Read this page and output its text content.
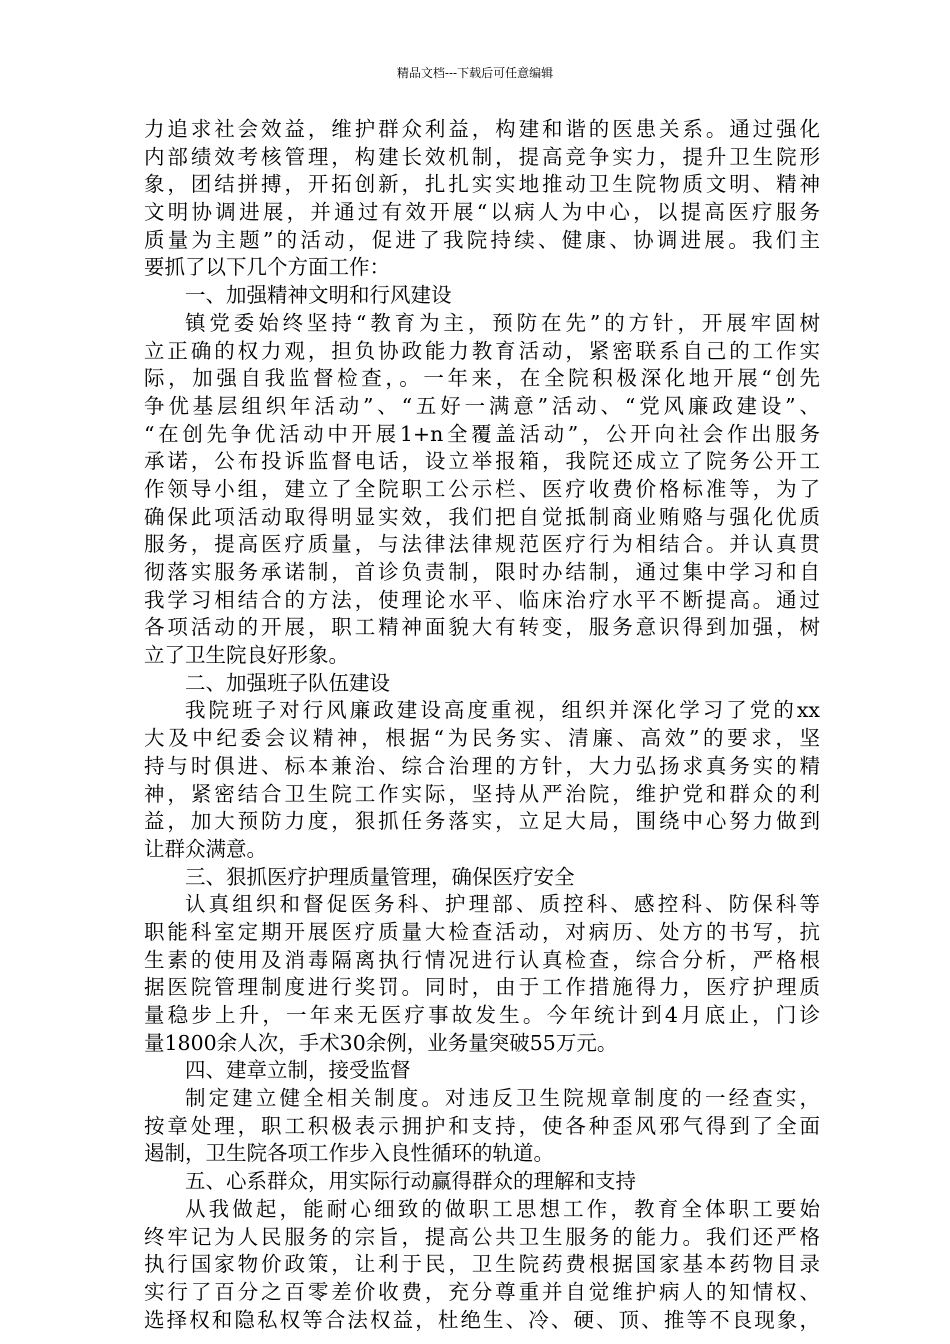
精品文档---下载后可任意编辑
力追求社会效益，维护群众利益，构建和谐的医患关系。通过强化
内部绩效考核管理，构建长效机制，提高竞争实力，提升卫生院形
象，团结拼搏，开拓创新，扎扎实实地推动卫生院物质文明、精神
文明协调进展，并通过有效开展“以病人为中心，以提高医疗服务
质量为主题”的活动，促进了我院持续、健康、协调进展。我们主
要抓了以下几个方面工作：
一、加强精神文明和行风建设
镇党委始终坚持“教育为主，预防在先”的方针，开展牢固树
立正确的权力观，担负协政能力教育活动，紧密联系自己的工作实
际，加强自我监督检查，。一年来，在全院积极深化地开展“创先
争优基层组织年活动”、“五好一满意”活动、“党风廉政建设”、
“在创先争优活动中开展1+n全覆盖活动”，公开向社会作出服务
承诺，公布投诉监督电话，设立举报箱，我院还成立了院务公开工
作领导小组，建立了全院职工公示栏、医疗收费价格标准等，为了
确保此项活动取得明显实效，我们把自觉抵制商业贿赂与强化优质
服务，提高医疗质量，与法律法律规范医疗行为相结合。并认真贯
彻落实服务承诺制，首诊负责制，限时办结制，通过集中学习和自
我学习相结合的方法，使理论水平、临床治疗水平不断提高。通过
各项活动的开展，职工精神面貌大有转变，服务意识得到加强，树
立了卫生院良好形象。
二、加强班子队伍建设
我院班子对行风廉政建设高度重视，组织并深化学习了党的xx
大及中纪委会议精神，根据“为民务实、清廉、高效”的要求，坚
持与时俱进、标本兼治、综合治理的方针，大力弘扬求真务实的精
神，紧密结合卫生院工作实际，坚持从严治院，维护党和群众的利
益，加大预防力度，狠抓任务落实，立足大局，围绕中心努力做到
让群众满意。
三、狠抓医疗护理质量管理，确保医疗安全
认真组织和督促医务科、护理部、质控科、感控科、防保科等
职能科室定期开展医疗质量大检查活动，对病历、处方的书写，抗
生素的使用及消毒隔离执行情况进行认真检查，综合分析，严格根
据医院管理制度进行奖罚。同时，由于工作措施得力，医疗护理质
量稳步上升，一年来无医疗事故发生。今年统计到4月底止，门诊
量1800余人次，手术30余例，业务量突破55万元。
四、建章立制，接受监督
制定建立健全相关制度。对违反卫生院规章制度的一经查实，
按章处理，职工积极表示拥护和支持，使各种歪风邪气得到了全面
遏制，卫生院各项工作步入良性循环的轨道。
五、心系群众，用实际行动赢得群众的理解和支持
从我做起，能耐心细致的做职工思想工作，教育全体职工要始
终牢记为人民服务的宗旨，提高公共卫生服务的能力。我们还严格
执行国家物价政策，让利于民，卫生院药费根据国家基本药物目录
实行了百分之百零差价收费，充分尊重并自觉维护病人的知情权、
选择权和隐私权等合法权益，杜绝生、冷、硬、顶、推等不良现象，
